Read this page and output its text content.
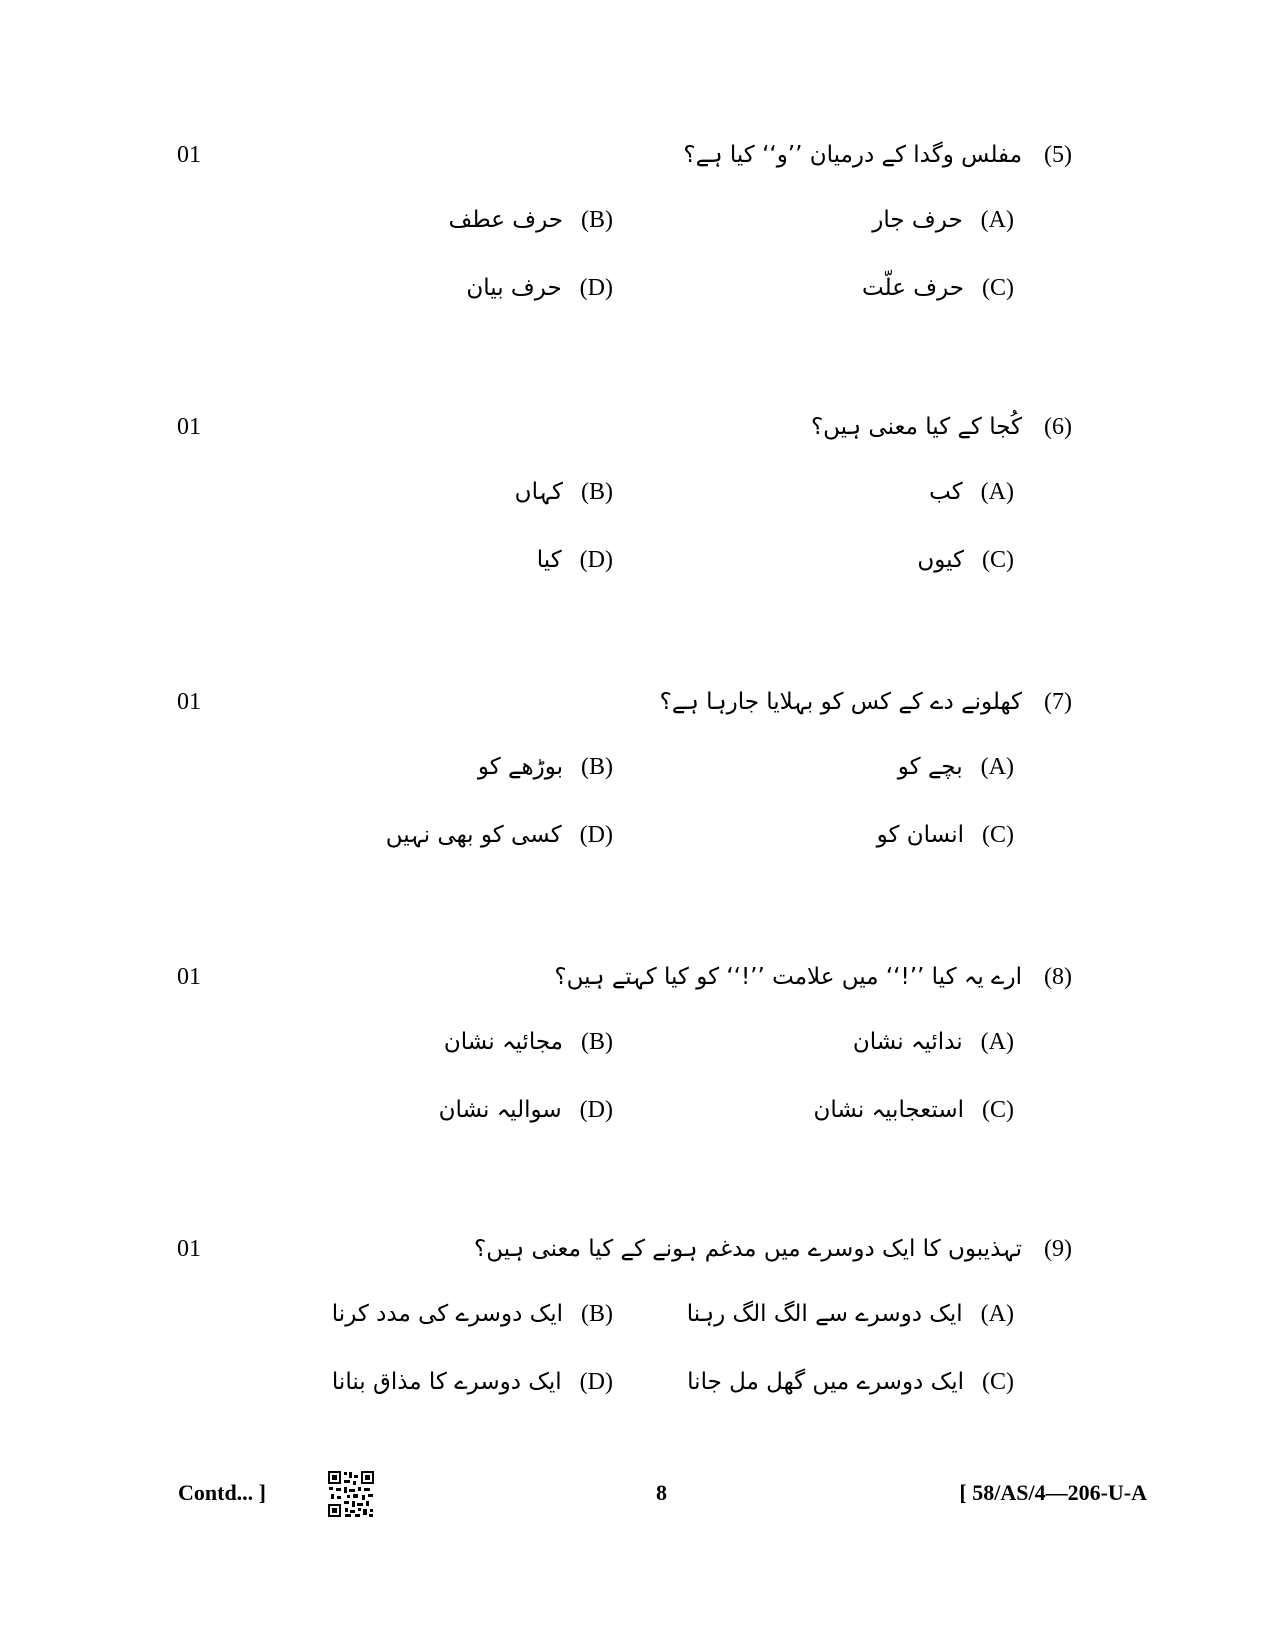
01	(5)
مفلس وگدا کے درمیان ’’و‘‘ کیا ہے؟
(A)
حرف جار
(B)
حرف عطف
(C)
حرف علّت
(D)
حرف بیان
01	(6)
کُجا کے کیا معنی ہیں؟
(A)
کب
(B)
کہاں
(C)
کیوں
(D)
کیا
01	(7)
کھلونے دے کے کس کو بہلایا جارہا ہے؟
(A)
بچے کو
(B)
بوڑھے کو
(C)
انسان کو
(D)
کسی کو بھی نہیں
01	(8)
ارے یہ کیا ’’!‘‘ میں علامت ’’!‘‘ کو کیا کہتے ہیں؟
(A)
ندائیہ نشان
(B)
مجائیہ نشان
(C)
استعجابیہ نشان
(D)
سوالیہ نشان
01	(9)
تہذیبوں کا ایک دوسرے میں مدغم ہونے کے کیا معنی ہیں؟
(A)
ایک دوسرے سے الگ الگ رہنا
(B)
ایک دوسرے کی مدد کرنا
(C)
ایک دوسرے میں گھل مل جانا
(D)
ایک دوسرے کا مذاق بنانا
Contd... ]	8	[ 58/AS/4—206-U-A
